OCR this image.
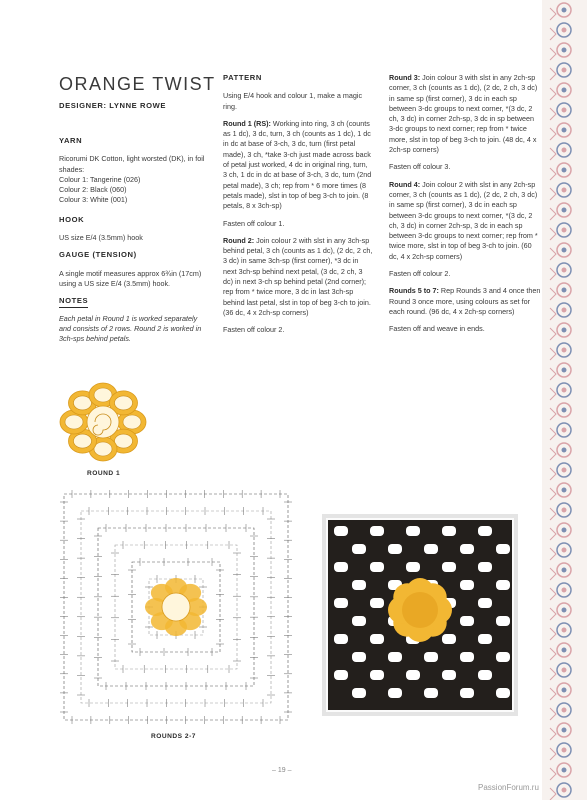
ORANGE TWIST
DESIGNER: LYNNE ROWE
YARN

Ricorumi DK Cotton, light worsted (DK), in foil shades:

Colour 1: Tangerine (026)
Colour 2: Black (060)
Colour 3: White (001)
HOOK

US size E/4 (3.5mm) hook

GAUGE (TENSION)

A single motif measures approx 6¾in (17cm) using a US size E/4 (3.5mm) hook.

NOTES

Each petal in Round 1 is worked separately and consists of 2 rows. Round 2 is worked in 3ch-sps behind petals.

PATTERN

Using E/4 hook and colour 1, make a magic ring.

Round 1 (RS): Working into ring, 3 ch (counts as 1 dc), 3 dc, turn, 3 ch (counts as 1 dc), 1 dc in dc at base of 3-ch, 3 dc, turn (first petal made), 3 ch, *take 3-ch just made across back of petal just worked, 4 dc in original ring, turn, 3 ch, 1 dc in dc at base of 3-ch, 3 dc, turn (2nd petal made), 3 ch; rep from * 6 more times (8 petals made), slst in top of beg 3-ch to join. (8 petals, 8 x 3ch-sp)

Fasten off colour 1.

Round 2: Join colour 2 with slst in any 3ch-sp behind petal, 3 ch (counts as 1 dc), (2 dc, 2 ch, 3 dc) in same 3ch-sp (first corner), *3 dc in next 3ch-sp behind next petal, (3 dc, 2 ch, 3 dc) in next 3-ch sp behind petal (2nd corner); rep from * twice more, 3 dc in last 3ch-sp behind last petal, slst in top of beg 3-ch to join. (36 dc, 4 x 2ch-sp corners)

Fasten off colour 2.

Round 3: Join colour 3 with slst in any 2ch-sp corner, 3 ch (counts as 1 dc), (2 dc, 2 ch, 3 dc) in same sp (first corner), 3 dc in each sp between 3-dc groups to next corner, *(3 dc, 2 ch, 3 dc) in corner 2ch-sp, 3 dc in sp between 3-dc groups to next corner; rep from * twice more, slst in top of beg 3-ch to join. (48 dc, 4 x 2ch-sp corners)

Fasten off colour 3.

Round 4: Join colour 2 with slst in any 2ch-sp corner, 3 ch (counts as 1 dc), (2 dc, 2 ch, 3 dc) in same sp (first corner), 3 dc in each sp between 3-dc groups to next corner, *(3 dc, 2 ch, 3 dc) in corner 2ch-sp, 3 dc in each sp between 3-dc groups to next corner; rep from * twice more, slst in top of beg 3-ch to join. (60 dc, 4 x 2ch-sp corners)

Fasten off colour 2.

Rounds 5 to 7: Rep Rounds 3 and 4 once then Round 3 once more, using colours as set for each round. (96 dc, 4 x 2ch-sp corners)

Fasten off and weave in ends.

ROUND 1
ROUNDS 2-7
– 19 –
PassionForum.ru
